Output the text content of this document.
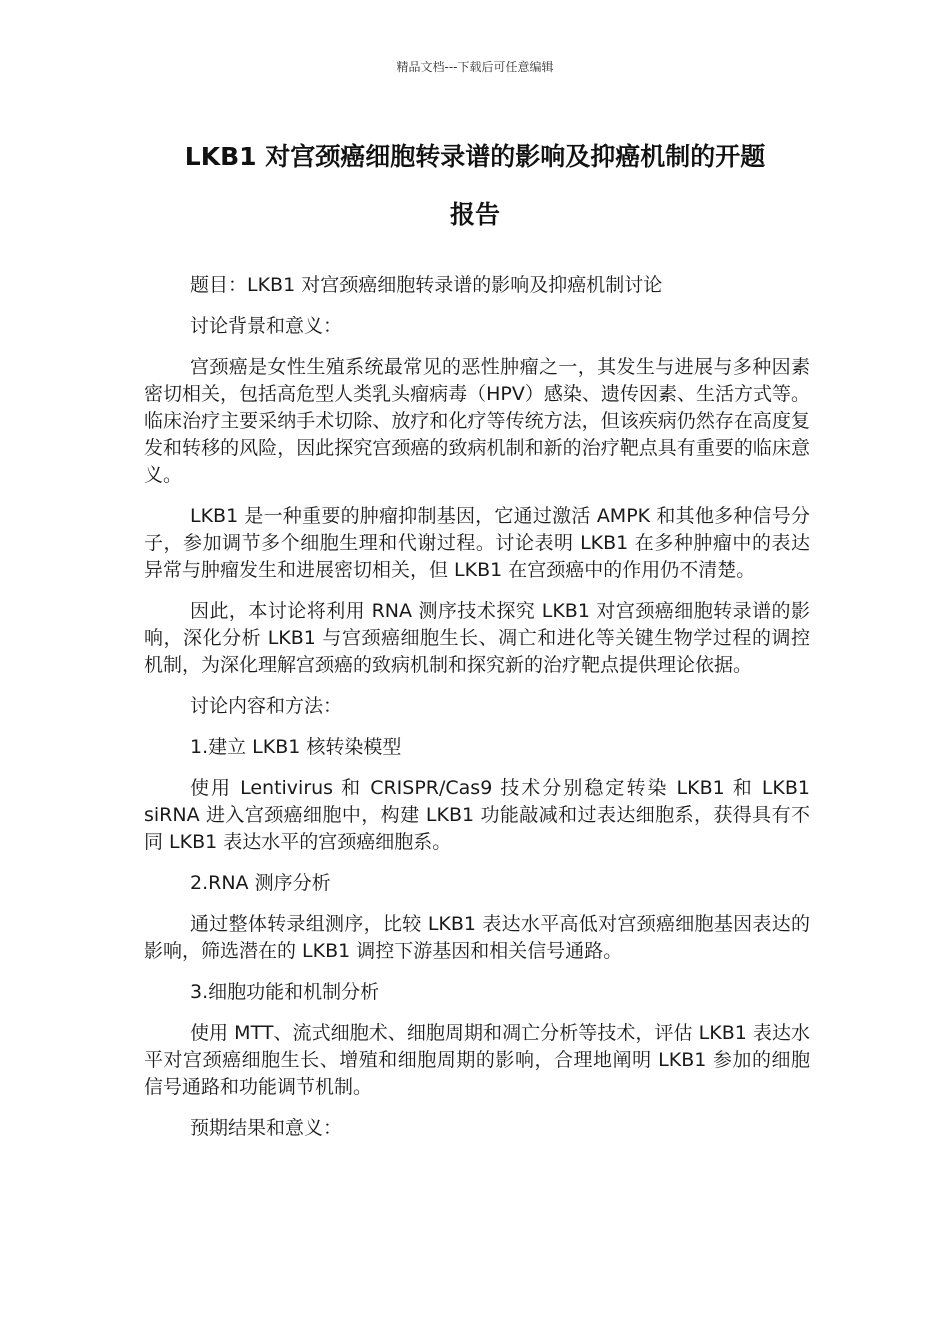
精品文档---下载后可任意编辑
LKB1 对宫颈癌细胞转录谱的影响及抑癌机制的开题
报告

题目：LKB1 对宫颈癌细胞转录谱的影响及抑癌机制讨论

讨论背景和意义：

宫颈癌是女性生殖系统最常见的恶性肿瘤之一，其发生与进展与多种因素密切相关，包括高危型人类乳头瘤病毒（HPV）感染、遗传因素、生活方式等。临床治疗主要采纳手术切除、放疗和化疗等传统方法，但该疾病仍然存在高度复发和转移的风险，因此探究宫颈癌的致病机制和新的治疗靶点具有重要的临床意义。

LKB1 是一种重要的肿瘤抑制基因，它通过激活 AMPK 和其他多种信号分子，参加调节多个细胞生理和代谢过程。讨论表明 LKB1 在多种肿瘤中的表达异常与肿瘤发生和进展密切相关，但 LKB1 在宫颈癌中的作用仍不清楚。

因此，本讨论将利用 RNA 测序技术探究 LKB1 对宫颈癌细胞转录谱的影响，深化分析 LKB1 与宫颈癌细胞生长、凋亡和进化等关键生物学过程的调控机制，为深化理解宫颈癌的致病机制和探究新的治疗靶点提供理论依据。

讨论内容和方法：

1.建立 LKB1 核转染模型

使用 Lentivirus 和 CRISPR/Cas9 技术分别稳定转染 LKB1 和 LKB1 siRNA 进入宫颈癌细胞中，构建 LKB1 功能敲减和过表达细胞系，获得具有不同 LKB1 表达水平的宫颈癌细胞系。

2.RNA 测序分析

通过整体转录组测序，比较 LKB1 表达水平高低对宫颈癌细胞基因表达的影响，筛选潜在的 LKB1 调控下游基因和相关信号通路。

3.细胞功能和机制分析

使用 MTT、流式细胞术、细胞周期和凋亡分析等技术，评估 LKB1 表达水平对宫颈癌细胞生长、增殖和细胞周期的影响，合理地阐明 LKB1 参加的细胞信号通路和功能调节机制。

预期结果和意义：
